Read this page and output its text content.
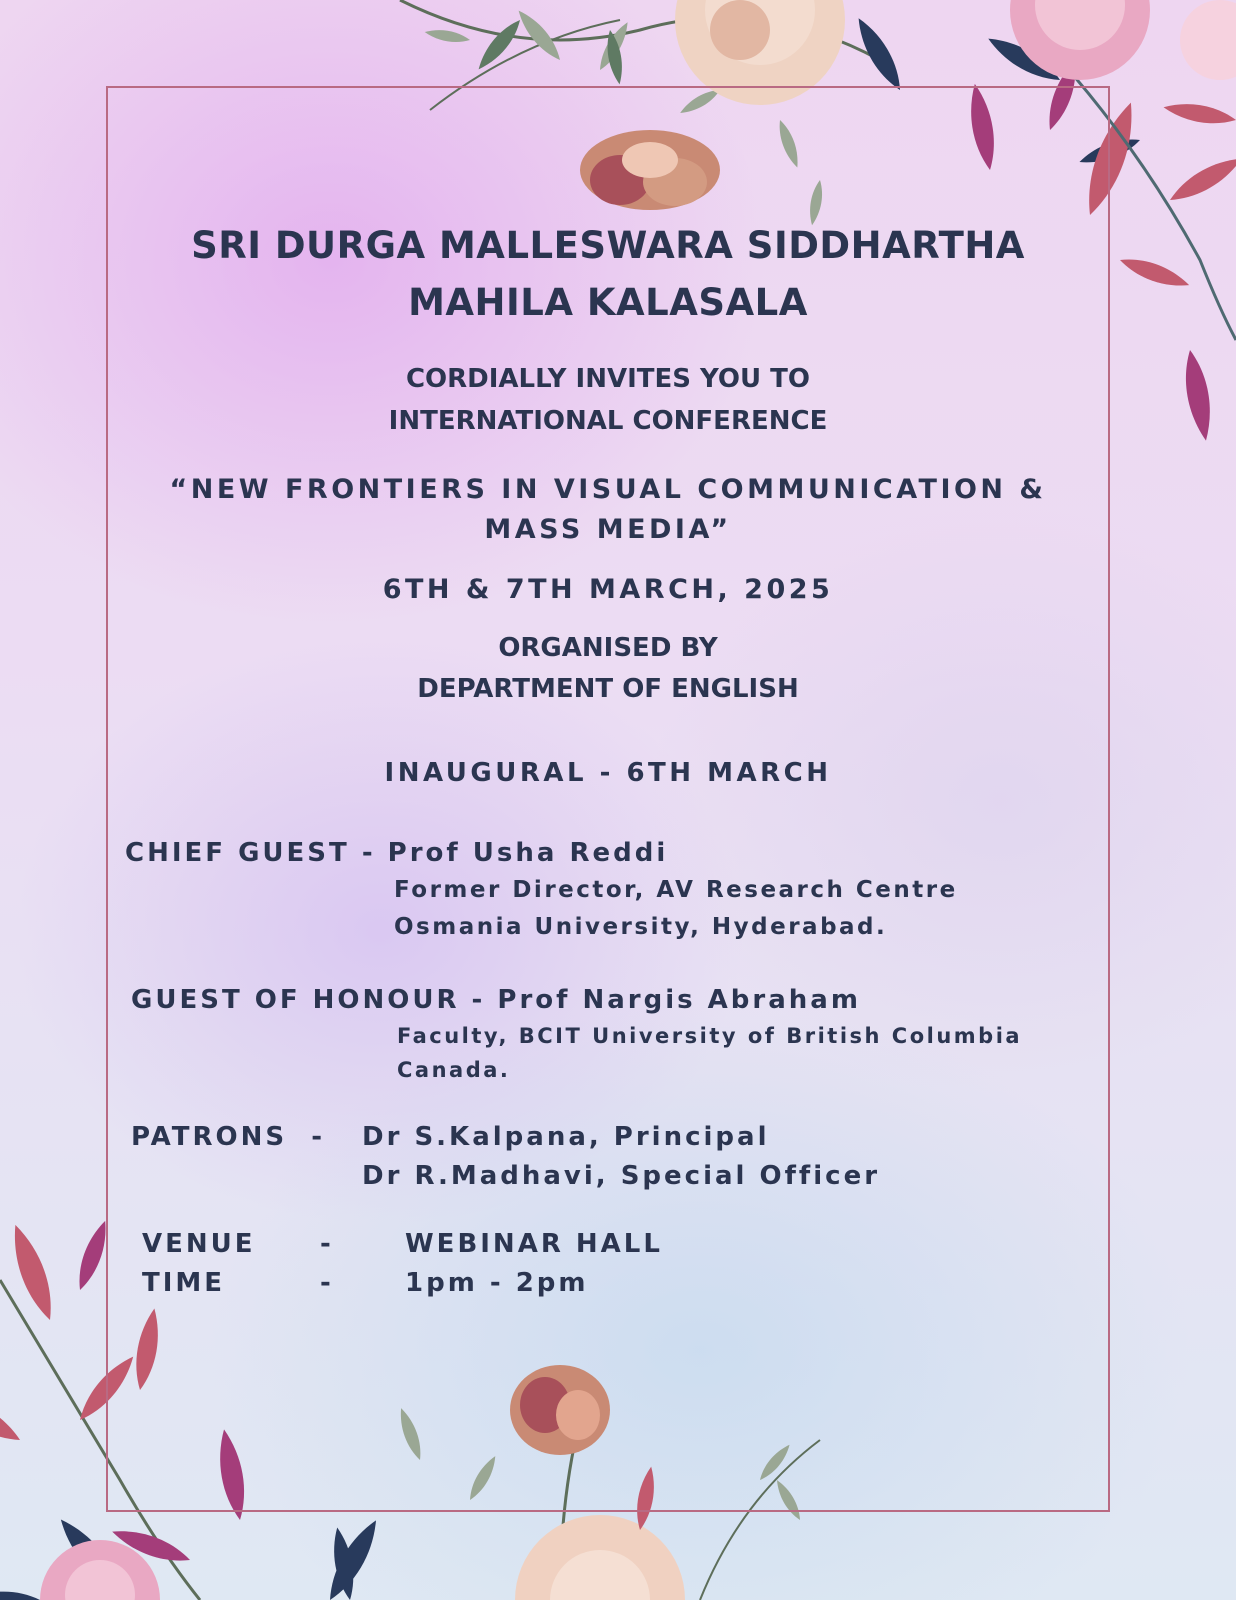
SRI DURGA MALLESWARA SIDDHARTHA
MAHILA KALASALA
CORDIALLY INVITES YOU TO
INTERNATIONAL CONFERENCE
“NEW FRONTIERS IN VISUAL COMMUNICATION &
MASS MEDIA”
6TH & 7TH MARCH, 2025
ORGANISED BY
DEPARTMENT OF ENGLISH
INAUGURAL - 6TH MARCH
CHIEF GUEST - Prof Usha Reddi
Former Director, AV Research Centre
Osmania University, Hyderabad.
GUEST OF HONOUR - Prof Nargis Abraham
Faculty, BCIT University of British Columbia
Canada.
PATRONS  - Dr S.Kalpana, Principal
Dr R.Madhavi, Special Officer
VENUE -	WEBINAR HALL
TIME	-	1pm - 2pm
